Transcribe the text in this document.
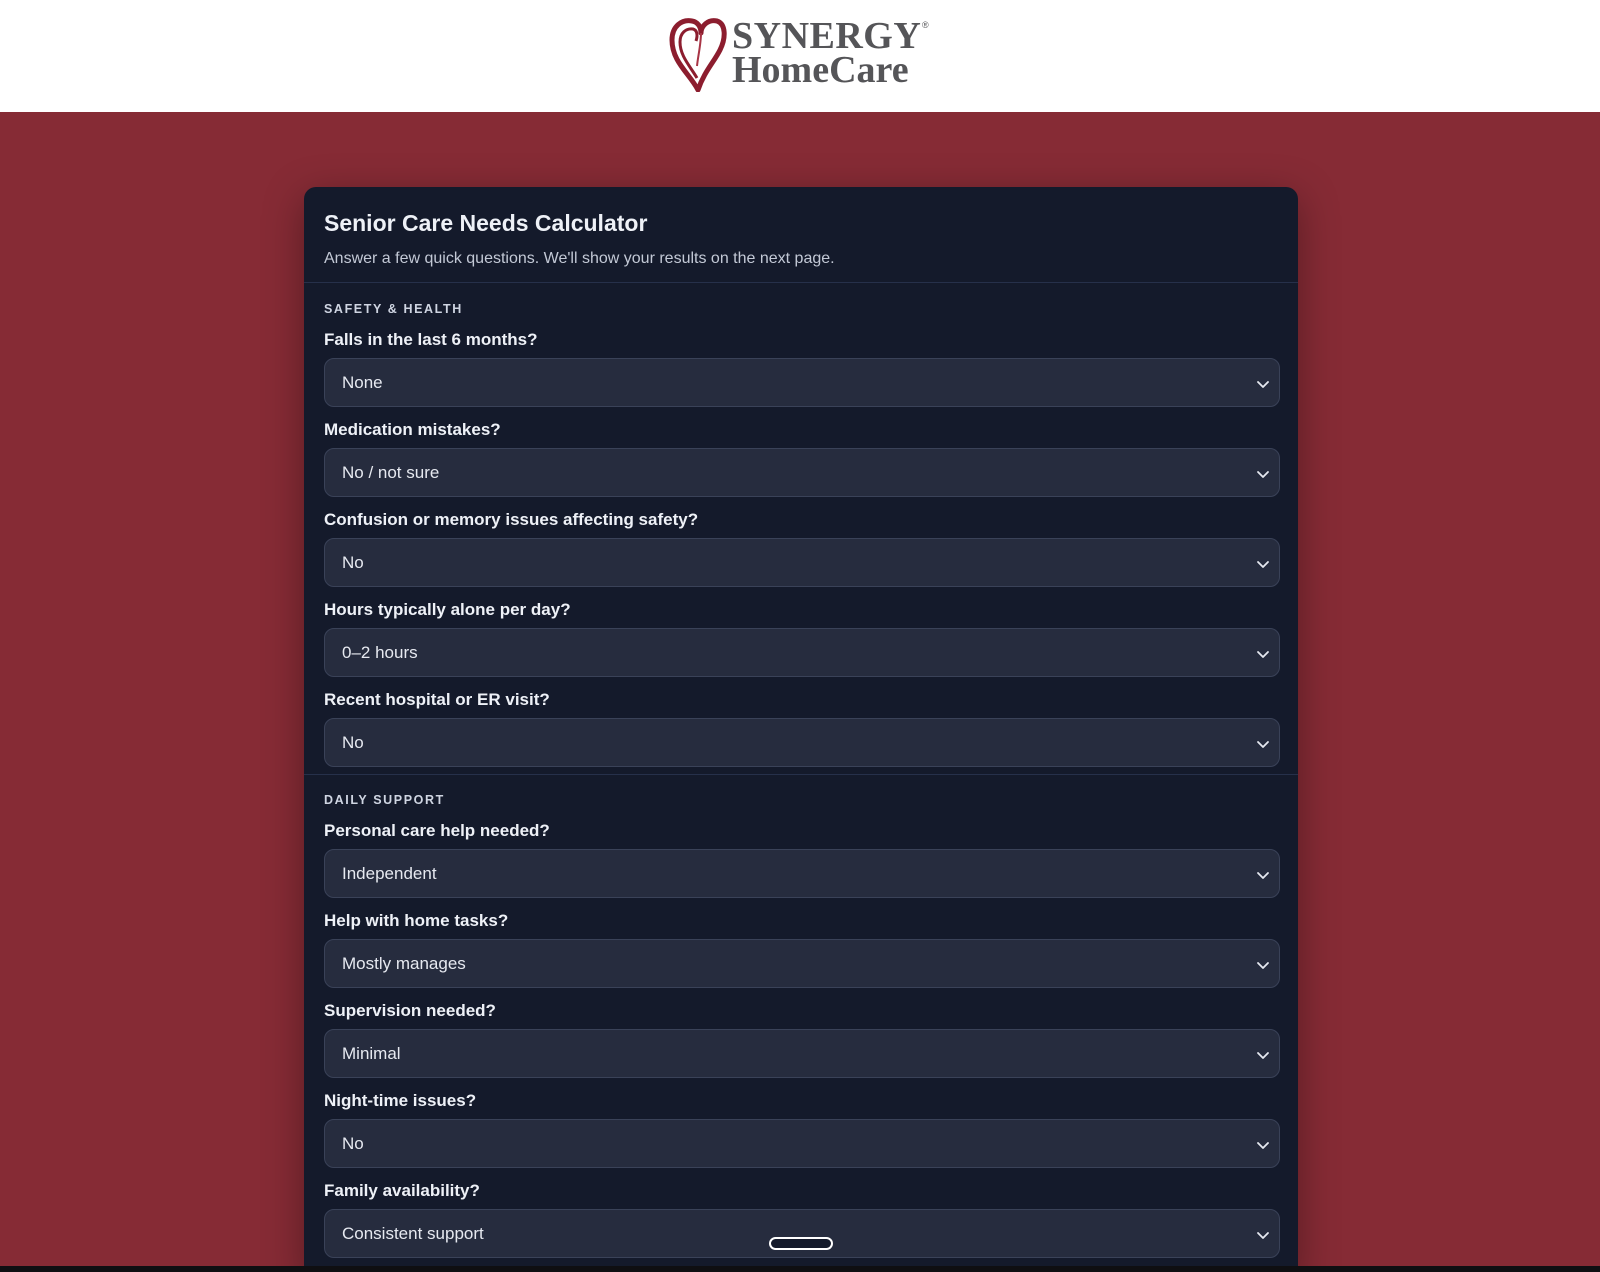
SYNERGY ®
HomeCare
Senior Care Needs Calculator

Answer a few quick questions. We'll show your results on the next page.

SAFETY & HEALTH
Falls in the last 6 months?
None
Medication mistakes?
No / not sure
Confusion or memory issues affecting safety?
No
Hours typically alone per day?
0–2 hours
Recent hospital or ER visit?
No
DAILY SUPPORT
Personal care help needed?
Independent
Help with home tasks?
Mostly manages
Supervision needed?
Minimal
Night-time issues?
No
Family availability?
Consistent support
